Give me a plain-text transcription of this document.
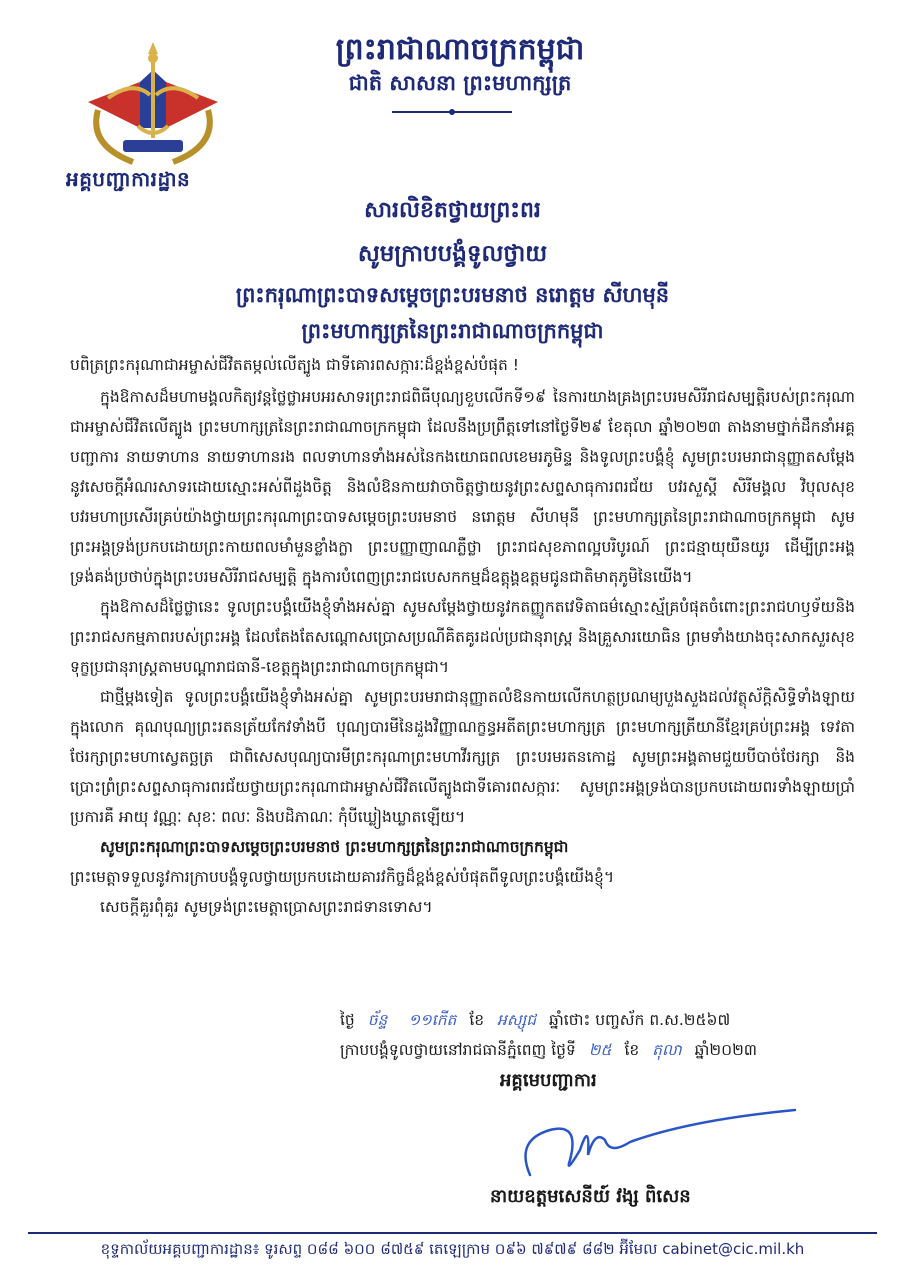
អគ្គបញ្ជាការដ្ឋាន
ព្រះរាជាណាចក្រកម្ពុជា
ជាតិ សាសនា ព្រះមហាក្សត្រ
សារលិខិតថ្វាយព្រះពរ
សូមក្រាបបង្គំទូលថ្វាយ
ព្រះករុណាព្រះបាទសម្តេចព្រះបរមនាថ នរោត្តម សីហមុនី
ព្រះមហាក្សត្រនៃព្រះរាជាណាចក្រកម្ពុជា

បពិត្រព្រះករុណាជាអម្ចាស់ជីវិតតម្កល់លើត្បូង ជាទីគោរពសក្ការៈដ៏ខ្ពង់ខ្ពស់បំផុត !

ក្នុងឱកាសដ៏មហាមង្គលកិត្យវន្ដថ្លៃថ្លាអបអរសាទរព្រះរាជពិធីបុណ្យខួបលើកទី១៩ នៃការយាងគ្រងព្រះបរមសិរីរាជសម្បត្តិរបស់ព្រះករុណាជាអម្ចាស់ជីវិតលើត្បូង ព្រះមហាក្សត្រនៃព្រះរាជាណាចក្រកម្ពុជា ដែលនឹងប្រព្រឹត្តទៅនៅថ្ងៃទី២៩ ខែតុលា ឆ្នាំ២០២៣ តាងនាមថ្នាក់ដឹកនាំអគ្គបញ្ជាការ នាយទាហាន នាយទាហានរង ពលទាហានទាំងអស់នៃកងយោធពលខេមរភូមិន្ទ និងទូលព្រះបង្គំខ្ញុំ សូមព្រះបរមរាជានុញ្ញាតសម្ដែងនូវសេចក្ដីអំណរសាទរដោយស្មោះអស់ពីដួងចិត្ត និងលំឱនកាយវាចាចិត្តថ្វាយនូវព្រះសព្ទសាធុការពរជ័យ បវរសួស្តី សិរីមង្គល វិបុលសុខ បវរមហាប្រសើរគ្រប់យ៉ាងថ្វាយព្រះករុណាព្រះបាទសម្តេចព្រះបរមនាថ នរោត្តម សីហមុនី ព្រះមហាក្សត្រនៃព្រះរាជាណាចក្រកម្ពុជា សូមព្រះអង្គទ្រង់ប្រកបដោយព្រះកាយពលមាំមួនខ្លាំងក្លា ព្រះបញ្ញាញាណភ្លឺថ្លា ព្រះរាជសុខភាពល្អបរិបូរណ៍ ព្រះជន្មាយុយឺនយូរ ដើម្បីព្រះអង្គទ្រង់គង់ប្រថាប់ក្នុងព្រះបរមសិរីរាជសម្បត្តិ ក្នុងការបំពេញព្រះរាជបេសកកម្មដ៏ឧត្ដុង្គឧត្ដមជូនជាតិមាតុភូមិនៃយើង។

ក្នុងឱកាសដ៏ថ្លៃថ្លានេះ ទូលព្រះបង្គំយើងខ្ញុំទាំងអស់គ្នា សូមសម្តែងថ្វាយនូវកតញ្ញូកតវេទិតាធម៌ស្មោះស្ម័គ្របំផុតចំពោះព្រះរាជហឫទ័យនិងព្រះរាជសកម្មភាពរបស់ព្រះអង្គ ដែលតែងតែសណ្តោសប្រោសប្រណីគិតគូរដល់ប្រជានុរាស្ត្រ និងគ្រួសារយោធិន ព្រមទាំងយាងចុះសាកសួរសុខទុក្ខប្រជានុរាស្ត្រតាមបណ្តារាជធានី-ខេត្តក្នុងព្រះរាជាណាចក្រកម្ពុជា។

ជាថ្មីម្តងទៀត ទូលព្រះបង្គំយើងខ្ញុំទាំងអស់គ្នា សូមព្រះបរមរាជានុញ្ញាតលំឱនកាយលើកហត្ថប្រណម្យបួងសួងដល់វត្ថុស័ក្តិសិទ្ធិទាំងឡាយក្នុងលោក គុណបុណ្យព្រះរតនត្រ័យកែវទាំងបី បុណ្យបារមីនៃដួងវិញ្ញាណក្ខន្ធអតីតព្រះមហាក្សត្រ ព្រះមហាក្សត្រីយានីខ្មែរគ្រប់ព្រះអង្គ ទេវតាថែរក្សាព្រះមហាស្វេតច្ឆត្រ ជាពិសេសបុណ្យបារមីព្រះករុណាព្រះមហាវីរក្សត្រ ព្រះបរមរតនកោដ្ឋ សូមព្រះអង្គតាមជួយបីបាច់ថែរក្សា និងប្រោះព្រំព្រះសព្ទសាធុការពរជ័យថ្វាយព្រះករុណាជាអម្ចាស់ជីវិតលើត្បូងជាទីគោរពសក្ការៈ សូមព្រះអង្គទ្រង់បានប្រកបដោយពរទាំងឡាយប្រាំប្រការគឺ អាយុ វណ្ណៈ សុខៈ ពលៈ និងបដិភាណៈ កុំបីឃ្លៀងឃ្លាតឡើយ។

សូមព្រះករុណាព្រះបាទសម្តេចព្រះបរមនាថ ព្រះមហាក្សត្រនៃព្រះរាជាណាចក្រកម្ពុជា

ព្រះមេត្តាទទួលនូវការក្រាបបង្គំទូលថ្វាយប្រកបដោយគារវកិច្ចដ៏ខ្ពង់ខ្ពស់បំផុតពីទូលព្រះបង្គំយើងខ្ញុំ។

សេចក្តីគួរពុំគួរ សូមទ្រង់ព្រះមេត្តាប្រោសព្រះរាជទានទោស។

ថ្ងៃ ច័ន្ទ ១១កើត ខែ អស្សុជ ឆ្នាំថោះ បញ្ចស័ក ព.ស.២៥៦៧
ក្រាបបង្គំទូលថ្វាយនៅរាជធានីភ្នំពេញ ថ្ងៃទី ២៥ ខែ តុលា ឆ្នាំ២០២៣
អគ្គមេបញ្ជាការ
នាយឧត្តមសេនីយ៍ វង្ស ពិសេន
ខុទ្ទកាល័យអគ្គបញ្ជាការដ្ឋាន៖ ទូរសព្ទ ០៨៨ ៦០០ ៨៧៥៩ តេឡេក្រាម ០៩៦ ៧៩៧៩ ៨៨២ អ៊ីមែល cabinet@cic.mil.kh
